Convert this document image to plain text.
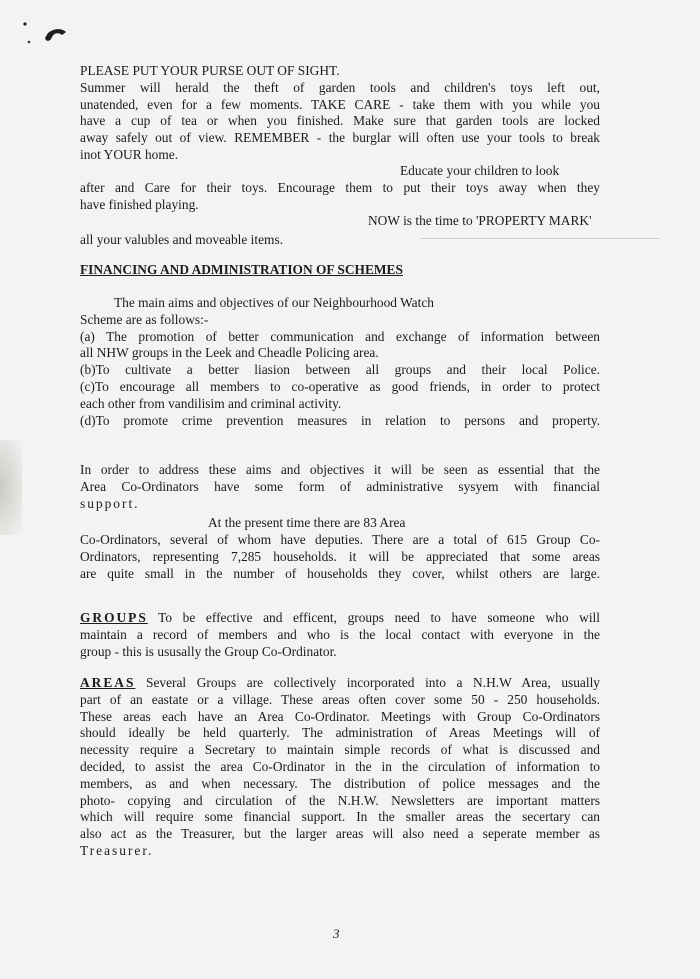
PLEASE PUT YOUR PURSE OUT OF SIGHT.

Summer will herald the theft of garden tools and children's toys left out,

unatended, even for a few moments. TAKE CARE - take them with you while you

have a cup of tea or when you finished. Make sure that garden tools are locked

away safely out of view. REMEMBER - the burglar will often use your tools to break

inot YOUR home.

Educate your children to look

after and Care for their toys. Encourage them to put their toys away when they

have finished playing.

NOW is the time to 'PROPERTY MARK'

all your valubles and moveable items.

FINANCING AND ADMINISTRATION OF SCHEMES

The main aims and objectives of our Neighbourhood Watch

Scheme are as follows:-

(a) The promotion of better communication and exchange of information between

all NHW groups in the Leek and Cheadle Policing area.

(b)To cultivate a better liasion between all groups and their local Police.

(c)To encourage all members to co-operative as good friends, in order to protect

each other from vandilisim and criminal activity.

(d)To promote crime prevention measures in relation to persons and property.

In order to address these aims and objectives it will be seen as essential that the

Area Co-Ordinators have some form of administrative sysyem with financial

support.

At the present time there are 83 Area

Co-Ordinators, several of whom have deputies. There are a total of 615 Group Co-

Ordinators, representing 7,285 households. it will be appreciated that some areas

are quite small in the number of households they cover, whilst others are large.

GROUPS To be effective and efficent, groups need to have someone who will

maintain a record of members and who is the local contact with everyone in the

group - this is ususally the Group Co-Ordinator.

AREAS Several Groups are collectively incorporated into a N.H.W Area, usually

part of an eastate or a village. These areas often cover some 50 - 250 households.

These areas each have an Area Co-Ordinator. Meetings with Group Co-Ordinators

should ideally be held quarterly. The administration of Areas Meetings will of

necessity require a Secretary to maintain simple records of what is discussed and

decided, to assist the area Co-Ordinator in the in the circulation of information to

members, as and when necessary. The distribution of police messages and the

photo- copying and circulation of the N.H.W. Newsletters are important matters

which will require some financial support. In the smaller areas the secertary can

also act as the Treasurer, but the larger areas will also need a seperate member as

Treasurer.

3
